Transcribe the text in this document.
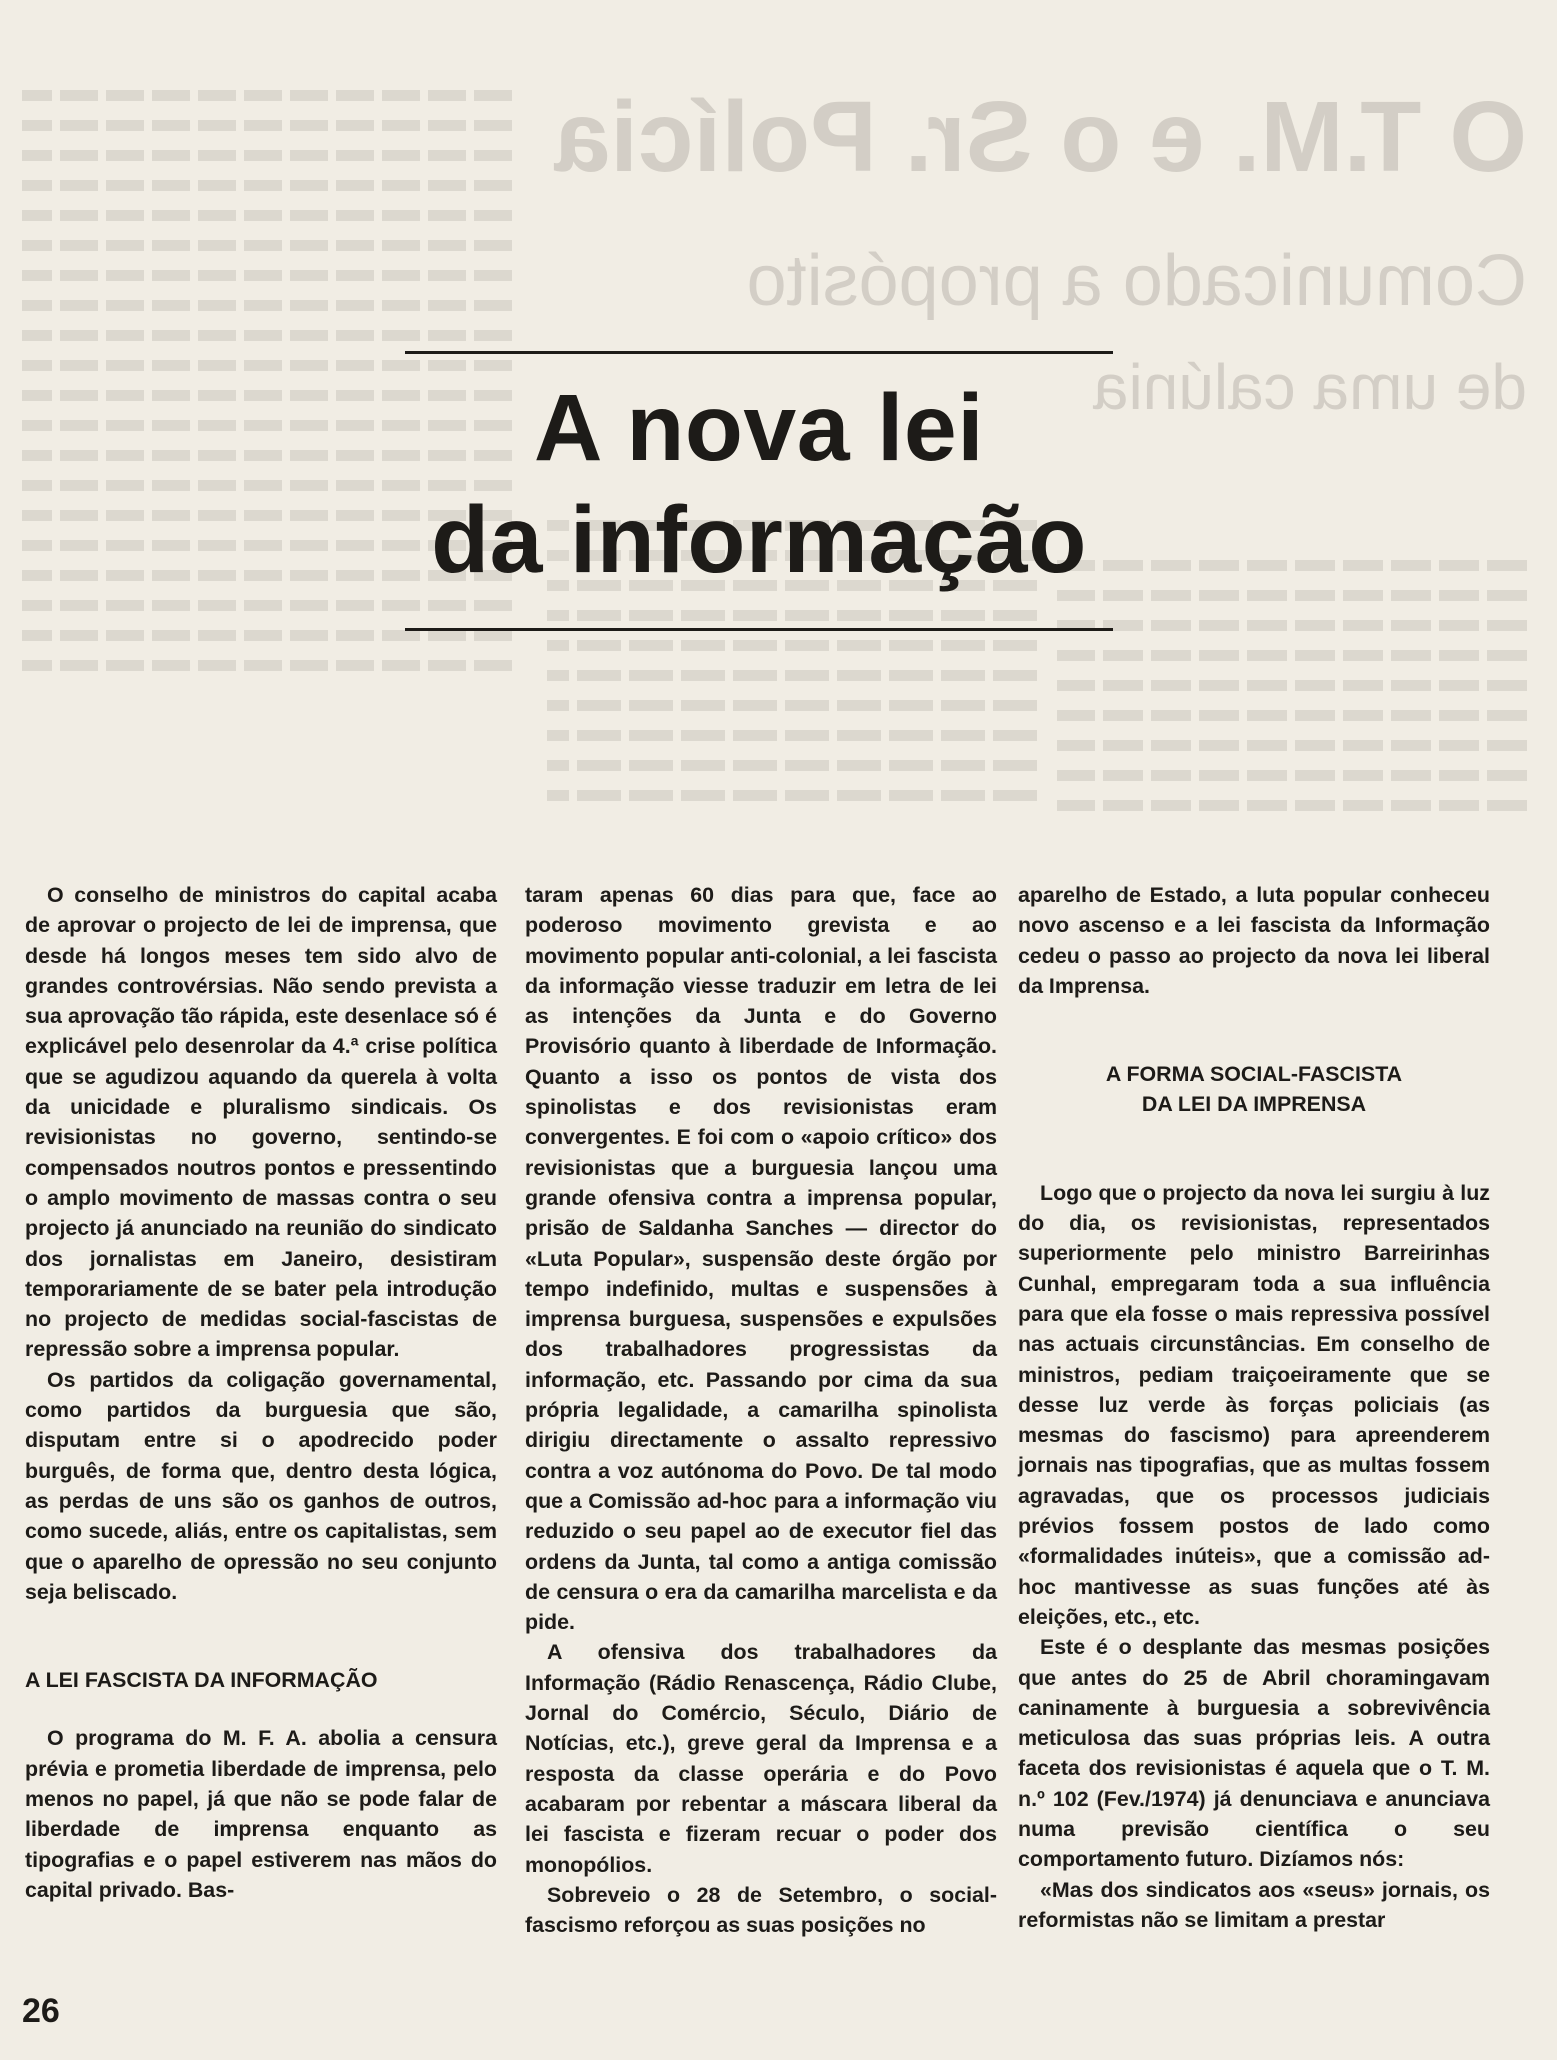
O T.M. e o Sr. Polícia
Comunicado a propósito
de uma calúnia
A nova lei
da informação

O conselho de ministros do capital acaba de aprovar o projecto de lei de imprensa, que desde há longos meses tem sido alvo de grandes controvérsias. Não sendo prevista a sua aprovação tão rápida, este desenlace só é explicável pelo desenrolar da 4.ª crise política que se agudizou aquando da querela à volta da unicidade e pluralismo sindicais. Os revisionistas no governo, sentindo-se compensados noutros pontos e pressentindo o amplo movimento de massas contra o seu projecto já anunciado na reunião do sindicato dos jornalistas em Janeiro, desistiram temporariamente de se bater pela introdução no projecto de medidas social-fascistas de repressão sobre a imprensa popular.

Os partidos da coligação governamental, como partidos da burguesia que são, disputam entre si o apodrecido poder burguês, de forma que, dentro desta lógica, as perdas de uns são os ganhos de outros, como sucede, aliás, entre os capitalistas, sem que o aparelho de opressão no seu conjunto seja beliscado.

A LEI FASCISTA DA INFORMAÇÃO

O programa do M. F. A. abolia a censura prévia e prometia liberdade de imprensa, pelo menos no papel, já que não se pode falar de liberdade de imprensa enquanto as tipografias e o papel estiverem nas mãos do capital privado. Bas-

taram apenas 60 dias para que, face ao poderoso movimento grevista e ao movimento popular anti-colonial, a lei fascista da informação viesse traduzir em letra de lei as intenções da Junta e do Governo Provisório quanto à liberdade de Informação. Quanto a isso os pontos de vista dos spinolistas e dos revisionistas eram convergentes. E foi com o «apoio crítico» dos revisionistas que a burguesia lançou uma grande ofensiva contra a imprensa popular, prisão de Saldanha Sanches — director do «Luta Popular», suspensão deste órgão por tempo indefinido, multas e suspensões à imprensa burguesa, suspensões e expulsões dos trabalhadores progressistas da informação, etc. Passando por cima da sua própria legalidade, a camarilha spinolista dirigiu directamente o assalto repressivo contra a voz autónoma do Povo. De tal modo que a Comissão ad-hoc para a informação viu reduzido o seu papel ao de executor fiel das ordens da Junta, tal como a antiga comissão de censura o era da camarilha marcelista e da pide.

A ofensiva dos trabalhadores da Informação (Rádio Renascença, Rádio Clube, Jornal do Comércio, Século, Diário de Notícias, etc.), greve geral da Imprensa e a resposta da classe operária e do Povo acabaram por rebentar a máscara liberal da lei fascista e fizeram recuar o poder dos monopólios.

Sobreveio o 28 de Setembro, o social-fascismo reforçou as suas posições no

aparelho de Estado, a luta popular conheceu novo ascenso e a lei fascista da Informação cedeu o passo ao projecto da nova lei liberal da Imprensa.

A FORMA SOCIAL-FASCISTA
DA LEI DA IMPRENSA

Logo que o projecto da nova lei surgiu à luz do dia, os revisionistas, representados superiormente pelo ministro Barreirinhas Cunhal, empregaram toda a sua influência para que ela fosse o mais repressiva possível nas actuais circunstâncias. Em conselho de ministros, pediam traiçoeiramente que se desse luz verde às forças policiais (as mesmas do fascismo) para apreenderem jornais nas tipografias, que as multas fossem agravadas, que os processos judiciais prévios fossem postos de lado como «formalidades inúteis», que a comissão ad-hoc mantivesse as suas funções até às eleições, etc., etc.

Este é o desplante das mesmas posições que antes do 25 de Abril choramingavam caninamente à burguesia a sobrevivência meticulosa das suas próprias leis. A outra faceta dos revisionistas é aquela que o T. M. n.º 102 (Fev./1974) já denunciava e anunciava numa previsão científica o seu comportamento futuro. Dizíamos nós:

«Mas dos sindicatos aos «seus» jornais, os reformistas não se limitam a prestar

26
